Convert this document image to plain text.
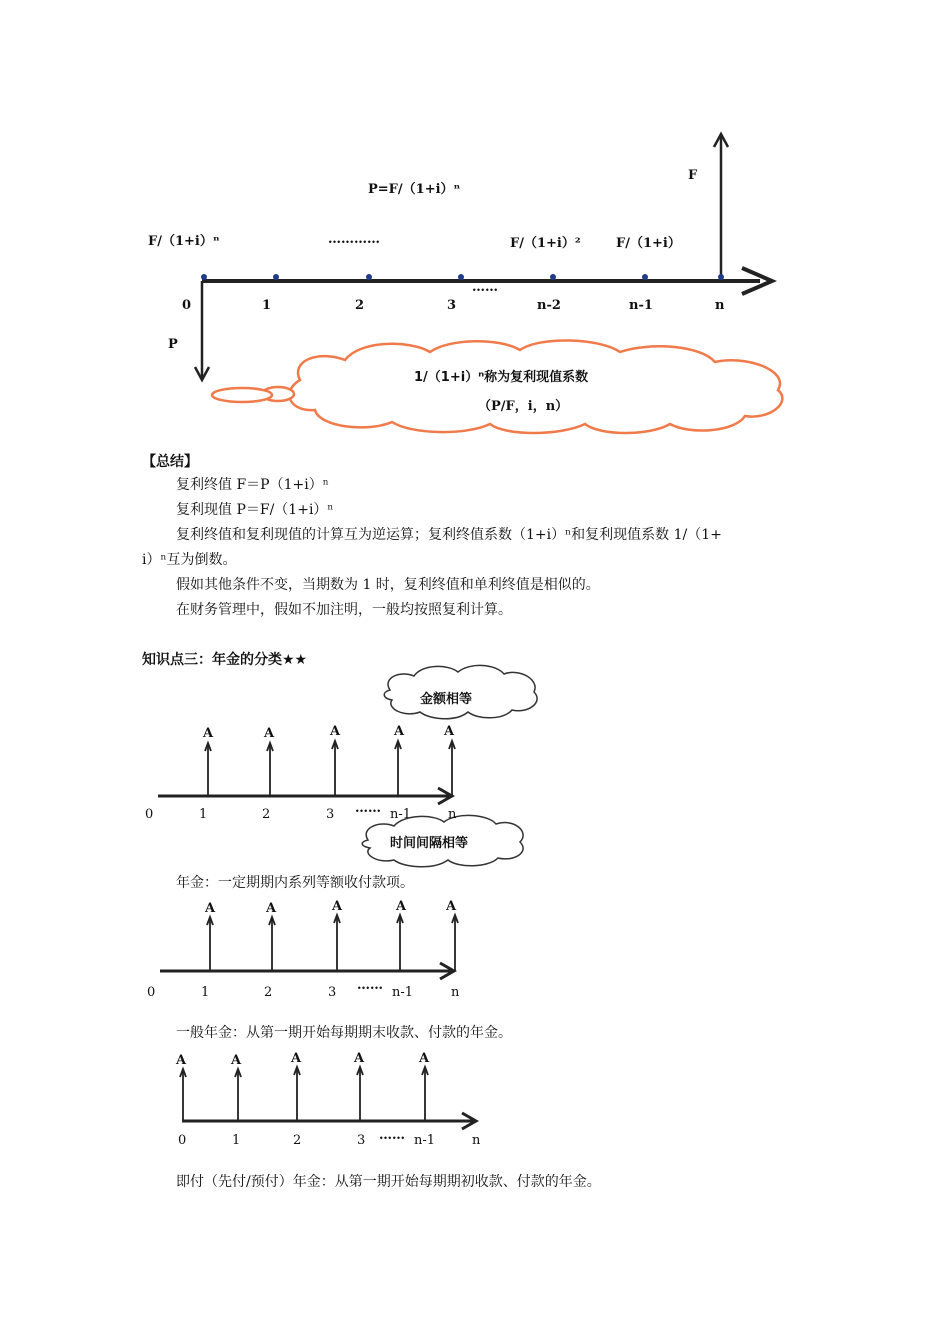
1/（1+i）ⁿ称为复利现值系数
（P/F，i，n）
0	1	2	3	n-2	n-1	n
……
P=F/（1+i）ⁿ
F/（1+i）ⁿ	…………	F/（1+i）²	F/（1+i）
F
P
【总结】
复利终值 F＝P（1+i）ⁿ
复利现值 P＝F/（1+i）ⁿ
复利终值和复利现值的计算互为逆运算；复利终值系数（1+i）ⁿ和复利现值系数 1/（1+
i）ⁿ互为倒数。
假如其他条件不变，当期数为 1 时，复利终值和单利终值是相似的。
在财务管理中，假如不加注明，一般均按照复利计算。
知识点三：年金的分类★★
金额相等
时间间隔相等
A	A	A	A	A
0	1	2	3 …… n-1	n
年金：一定期期内系列等额收付款项。
A	A	A	A	A
0	1	2	3 …… n-1	n
一般年金：从第一期开始每期期末收款、付款的年金。
A	A	A	A	A
0	1	2	3 …… n-1	n
即付（先付/预付）年金：从第一期开始每期期初收款、付款的年金。
